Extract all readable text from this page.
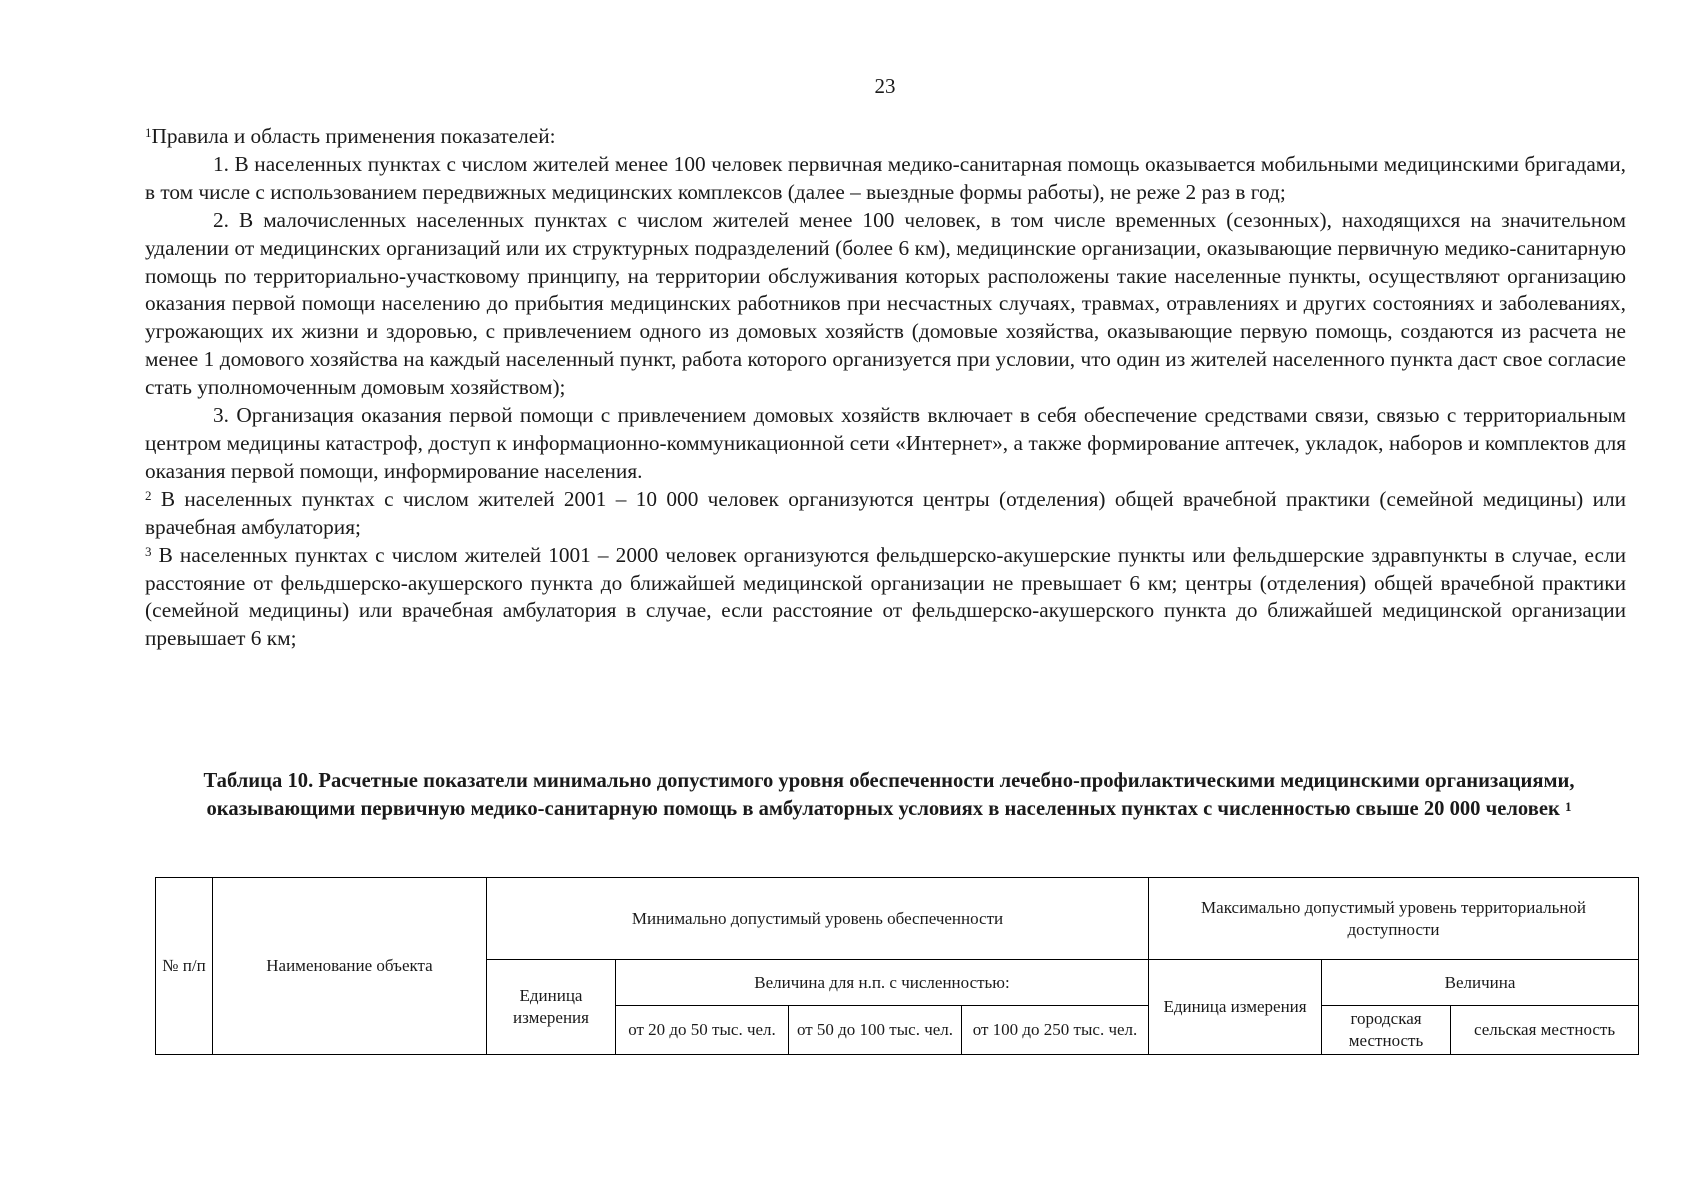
23

$^1$Правила и область применения показателей:

1. В населенных пунктах с числом жителей менее 100 человек первичная медико-санитарная помощь оказывается мобильными медицинскими бригадами, в том числе с использованием передвижных медицинских комплексов (далее – выездные формы работы), не реже 2 раз в год;

2. В малочисленных населенных пунктах с числом жителей менее 100 человек, в том числе временных (сезонных), находящихся на значительном удалении от медицинских организаций или их структурных подразделений (более 6 км), медицинские организации, оказывающие первичную медико-санитарную помощь по территориально-участковому принципу, на территории обслуживания которых расположены такие населенные пункты, осуществляют организацию оказания первой помощи населению до прибытия медицинских работников при несчастных случаях, травмах, отравлениях и других состояниях и заболеваниях, угрожающих их жизни и здоровью, с привлечением одного из домовых хозяйств (домовые хозяйства, оказывающие первую помощь, создаются из расчета не менее 1 домового хозяйства на каждый населенный пункт, работа которого организуется при условии, что один из жителей населенного пункта даст свое согласие стать уполномоченным домовым хозяйством);

3. Организация оказания первой помощи с привлечением домовых хозяйств включает в себя обеспечение средствами связи, связью с территориальным центром медицины катастроф, доступ к информационно-коммуникационной сети «Интернет», а также формирование аптечек, укладок, наборов и комплектов для оказания первой помощи, информирование населения.

$^2$ В населенных пунктах с числом жителей 2001 – 10 000 человек организуются центры (отделения) общей врачебной практики (семейной медицины) или врачебная амбулатория;

$^3$ В населенных пунктах с числом жителей 1001 – 2000 человек организуются фельдшерско-акушерские пункты или фельдшерские здравпункты в случае, если расстояние от фельдшерско-акушерского пункта до ближайшей медицинской организации не превышает 6 км; центры (отделения) общей врачебной практики (семейной медицины) или врачебная амбулатория в случае, если расстояние от фельдшерско-акушерского пункта до ближайшей медицинской организации превышает 6 км;

Таблица 10. Расчетные показатели минимально допустимого уровня обеспеченности лечебно-профилактическими медицинскими организациями, оказывающими первичную медико-санитарную помощь в амбулаторных условиях в населенных пунктах с численностью свыше 20 000 человек $^1$
№ п/п	Наименование объекта	Минимально допустимый уровень обеспеченности				Максимально допустимый уровень территориальной доступности		
		Единица измерения	Величина для н.п. с численностью:			Единица измерения	Величина	
			от 20 до 50 тыс. чел.	от 50 до 100 тыс. чел.	от 100 до 250 тыс. чел.		городская местность	сельская местность
